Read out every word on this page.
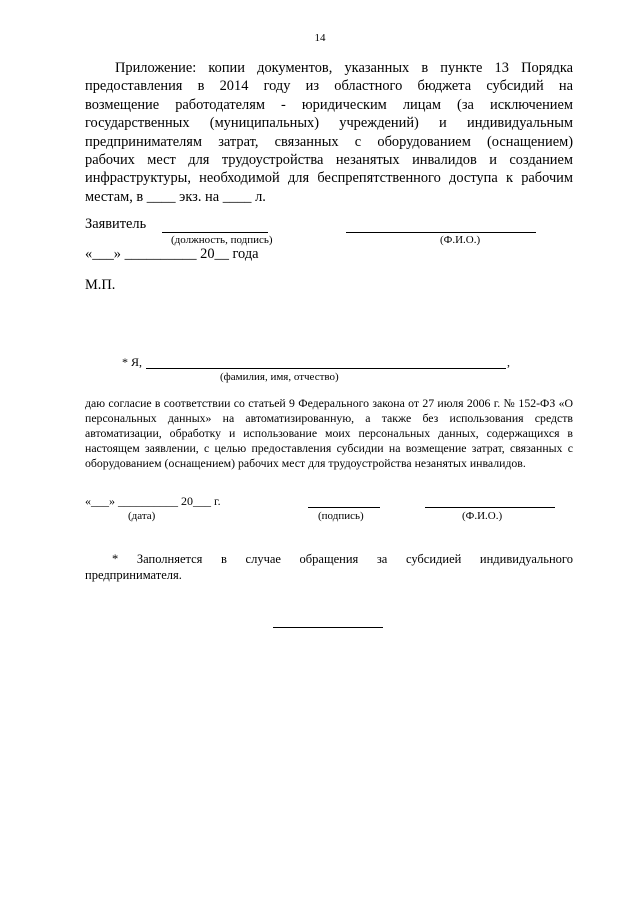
14
Приложение: копии документов, указанных в пункте 13 Порядка
предоставления в 2014 году из областного бюджета субсидий на
возмещение работодателям - юридическим лицам (за исключением
государственных (муниципальных) учреждений) и индивидуальным
предпринимателям затрат, связанных с оборудованием (оснащением)
рабочих мест для трудоустройства незанятых инвалидов и созданием
инфраструктуры, необходимой для беспрепятственного доступа к рабочим
местам, в ____ экз. на ____ л.
Заявитель
(должность, подпись)	(Ф.И.О.)
«___» __________ 20__ года
М.П.
* Я,	,
(фамилия, имя, отчество)
даю согласие в соответствии со статьей 9 Федерального закона от 27 июля 2006 г. № 152-ФЗ «О
персональных данных» на автоматизированную, а также без использования средств
автоматизации, обработку и использование моих персональных данных, содержащихся в
настоящем заявлении, с целью предоставления субсидии на возмещение затрат, связанных с
оборудованием (оснащением) рабочих мест для трудоустройства незанятых инвалидов.
«___» __________ 20___ г.
(дата)	(подпись)	(Ф.И.О.)
* Заполняется в случае обращения за субсидией индивидуального
предпринимателя.
